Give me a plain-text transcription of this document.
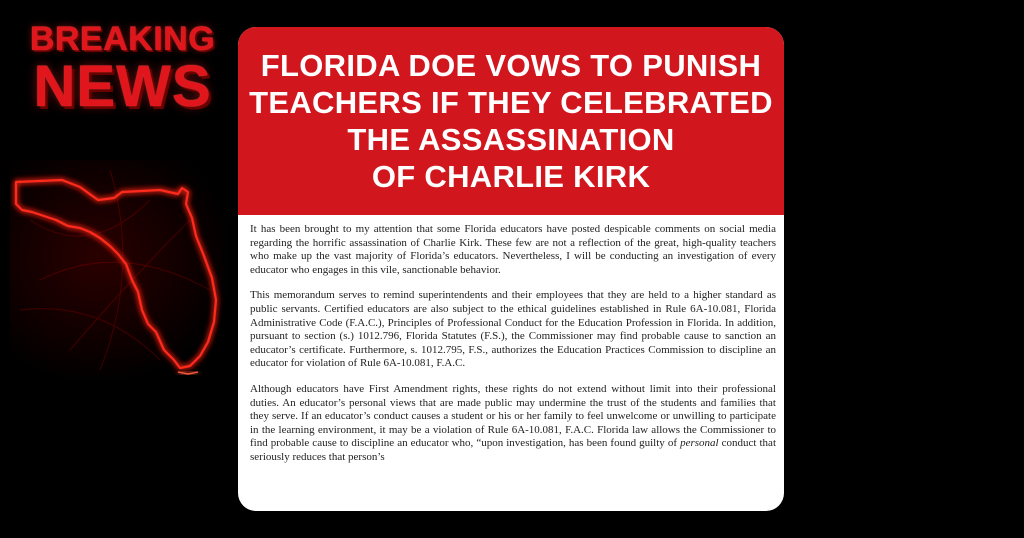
BREAKING
NEWS	FLORIDA DOE VOWS TO PUNISH
TEACHERS IF THEY CELEBRATED
THE ASSASSINATION
OF CHARLIE KIRK

It has been brought to my attention that some Florida educators have posted despicable comments on social media regarding the horrific assassination of Charlie Kirk. These few are not a reflection of the great, high-quality teachers who make up the vast majority of Florida’s educators. Nevertheless, I will be conducting an investigation of every educator who engages in this vile, sanctionable behavior.

This memorandum serves to remind superintendents and their employees that they are held to a higher standard as public servants. Certified educators are also subject to the ethical guidelines established in Rule 6A-10.081, Florida Administrative Code (F.A.C.), Principles of Professional Conduct for the Education Profession in Florida. In addition, pursuant to section (s.) 1012.796, Florida Statutes (F.S.), the Commissioner may find probable cause to sanction an educator’s certificate. Furthermore, s. 1012.795, F.S., authorizes the Education Practices Commission to discipline an educator for violation of Rule 6A-10.081, F.A.C.

Although educators have First Amendment rights, these rights do not extend without limit into their professional duties. An educator’s personal views that are made public may undermine the trust of the students and families that they serve. If an educator’s conduct causes a student or his or her family to feel unwelcome or unwilling to participate in the learning environment, it may be a violation of Rule 6A-10.081, F.A.C. Florida law allows the Commissioner to find probable cause to discipline an educator who, “upon investigation, has been found guilty of personal conduct that seriously reduces that person’s
